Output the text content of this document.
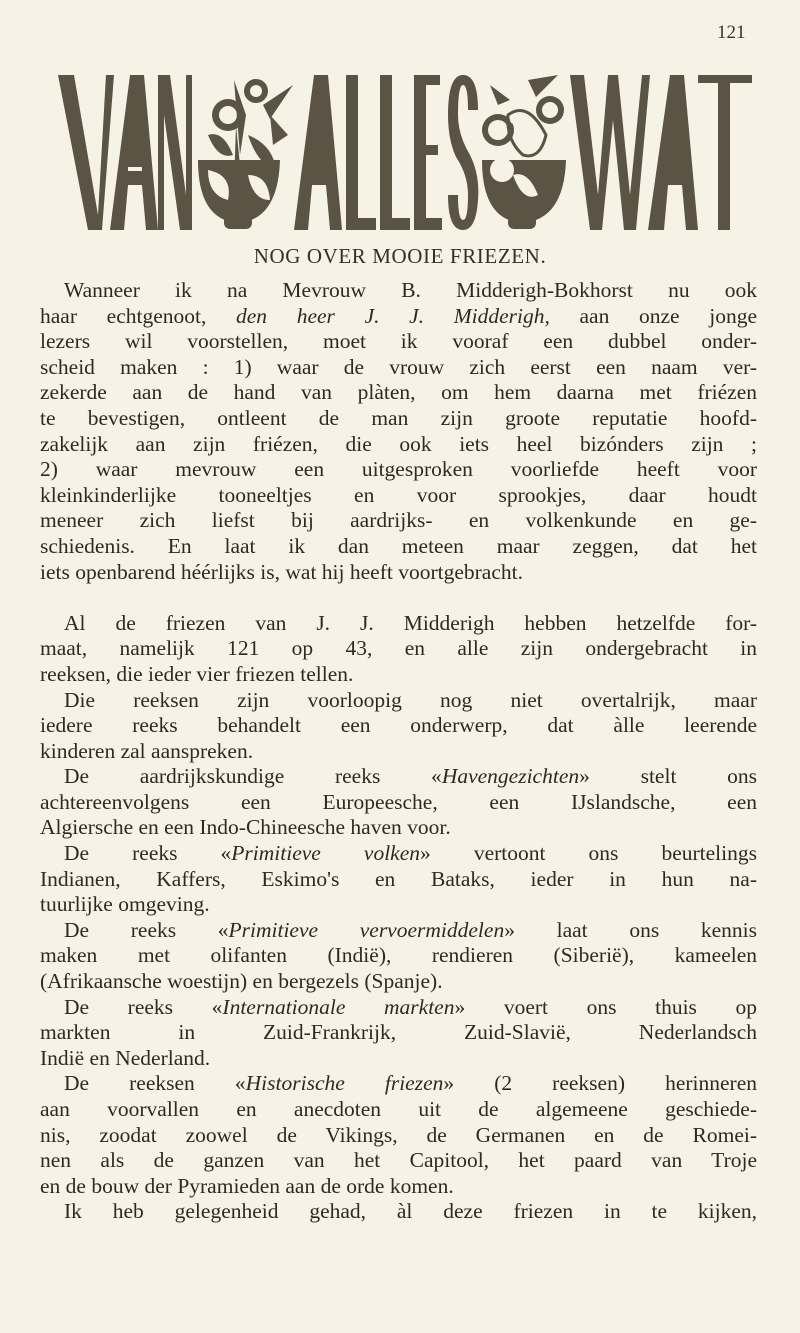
121
NOG OVER MOOIE FRIEZEN.
Wanneer ik na Mevrouw B. Midderigh-Bokhorst nu ook
haar echtgenoot, den heer J. J. Midderigh, aan onze jonge
lezers wil voorstellen, moet ik vooraf een dubbel onder-
scheid maken : 1) waar de vrouw zich eerst een naam ver-
zekerde aan de hand van plàten, om hem daarna met friézen
te bevestigen, ontleent de man zijn groote reputatie hoofd-
zakelijk aan zijn friézen, die ook iets heel bizónders zijn ;
2) waar mevrouw een uitgesproken voorliefde heeft voor
kleinkinderlijke tooneeltjes en voor sprookjes, daar houdt
meneer zich liefst bij aardrijks- en volkenkunde en ge-
schiedenis. En laat ik dan meteen maar zeggen, dat het
iets openbarend héérlijks is, wat hij heeft voortgebracht.
Al de friezen van J. J. Midderigh hebben hetzelfde for-
maat, namelijk 121 op 43, en alle zijn ondergebracht in
reeksen, die ieder vier friezen tellen.
Die reeksen zijn voorloopig nog niet overtalrijk, maar
iedere reeks behandelt een onderwerp, dat àlle leerende
kinderen zal aanspreken.
De aardrijkskundige reeks «Havengezichten» stelt ons
achtereenvolgens een Europeesche, een IJslandsche, een
Algiersche en een Indo-Chineesche haven voor.
De reeks «Primitieve volken» vertoont ons beurtelings
Indianen, Kaffers, Eskimo's en Bataks, ieder in hun na-
tuurlijke omgeving.
De reeks «Primitieve vervoermiddelen» laat ons kennis
maken met olifanten (Indië), rendieren (Siberië), kameelen
(Afrikaansche woestijn) en bergezels (Spanje).
De reeks «Internationale markten» voert ons thuis op
markten in Zuid-Frankrijk, Zuid-Slavië, Nederlandsch
Indië en Nederland.
De reeksen «Historische friezen» (2 reeksen) herinneren
aan voorvallen en anecdoten uit de algemeene geschiede-
nis, zoodat zoowel de Vikings, de Germanen en de Romei-
nen als de ganzen van het Capitool, het paard van Troje
en de bouw der Pyramieden aan de orde komen.
Ik heb gelegenheid gehad, àl deze friezen in te kijken,
